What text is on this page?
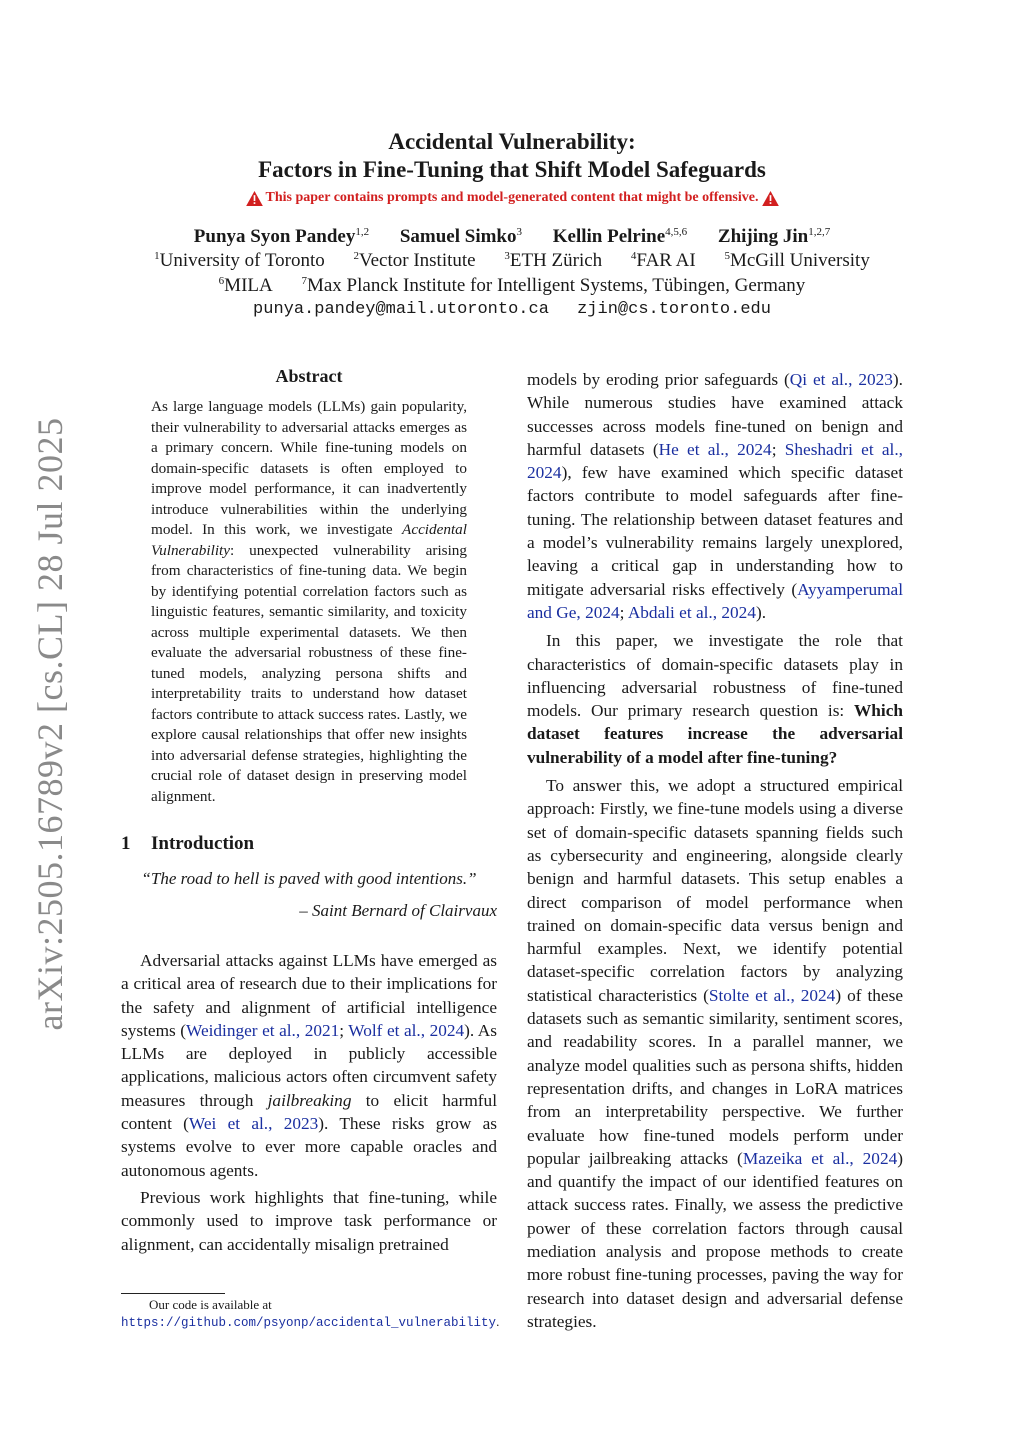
arXiv:2505.16789v2 [cs.CL] 28 Jul 2025
Accidental Vulnerability:
Factors in Fine-Tuning that Shift Model Safeguards
This paper contains prompts and model-generated content that might be offensive.
Punya Syon Pandey$^{1,2}$ Samuel Simko$^3$ Kellin Pelrine$^{4,5,6}$ Zhijing Jin$^{1,2,7}$
$^1$University of Toronto	$^2$Vector Institute	$^3$ETH Zürich	$^4$FAR AI	$^5$McGill University
$^6$MILA	$^7$Max Planck Institute for Intelligent Systems, Tübingen, Germany
punya.pandey@mail.utoronto.ca zjin@cs.toronto.edu
Abstract
As large language models (LLMs) gain popularity, their vulnerability to adversarial attacks emerges as a primary concern. While fine-tuning models on domain-specific datasets is often employed to improve model performance, it can inadvertently introduce vulnerabilities within the underlying model. In this work, we investigate Accidental Vulnerability: unexpected vulnerability arising from characteristics of fine-tuning data. We begin by identifying potential correlation factors such as linguistic features, semantic similarity, and toxicity across multiple experimental datasets. We then evaluate the adversarial robustness of these fine-tuned models, analyzing persona shifts and interpretability traits to understand how dataset factors contribute to attack success rates. Lastly, we explore causal relationships that offer new insights into adversarial defense strategies, highlighting the crucial role of dataset design in preserving model alignment.
1	Introduction

“The road to hell is paved with good intentions.”

– Saint Bernard of Clairvaux

Adversarial attacks against LLMs have emerged as a critical area of research due to their implications for the safety and alignment of artificial intelligence systems (Weidinger et al., 2021; Wolf et al., 2024). As LLMs are deployed in publicly accessible applications, malicious actors often circumvent safety measures through jailbreaking to elicit harmful content (Wei et al., 2023). These risks grow as systems evolve to ever more capable oracles and autonomous agents.

Previous work highlights that fine-tuning, while commonly used to improve task performance or alignment, can accidentally misalign pretrained

Our code is available at https://github.com/psyonp/accidental_vulnerability.

models by eroding prior safeguards (Qi et al., 2023). While numerous studies have examined attack successes across models fine-tuned on benign and harmful datasets (He et al., 2024; Sheshadri et al., 2024), few have examined which specific dataset factors contribute to model safeguards after fine-tuning. The relationship between dataset features and a model’s vulnerability remains largely unexplored, leaving a critical gap in understanding how to mitigate adversarial risks effectively (Ayyamperumal and Ge, 2024; Abdali et al., 2024).

In this paper, we investigate the role that characteristics of domain-specific datasets play in influencing adversarial robustness of fine-tuned models. Our primary research question is: Which dataset features increase the adversarial vulnerability of a model after fine-tuning?

To answer this, we adopt a structured empirical approach: Firstly, we fine-tune models using a diverse set of domain-specific datasets spanning fields such as cybersecurity and engineering, alongside clearly benign and harmful datasets. This setup enables a direct comparison of model performance when trained on domain-specific data versus benign and harmful examples. Next, we identify potential dataset-specific correlation factors by analyzing statistical characteristics (Stolte et al., 2024) of these datasets such as semantic similarity, sentiment scores, and readability scores. In a parallel manner, we analyze model qualities such as persona shifts, hidden representation drifts, and changes in LoRA matrices from an interpretability perspective. We further evaluate how fine-tuned models perform under popular jailbreaking attacks (Mazeika et al., 2024) and quantify the impact of our identified features on attack success rates. Finally, we assess the predictive power of these correlation factors through causal mediation analysis and propose methods to create more robust fine-tuning processes, paving the way for research into dataset design and adversarial defense strategies.
